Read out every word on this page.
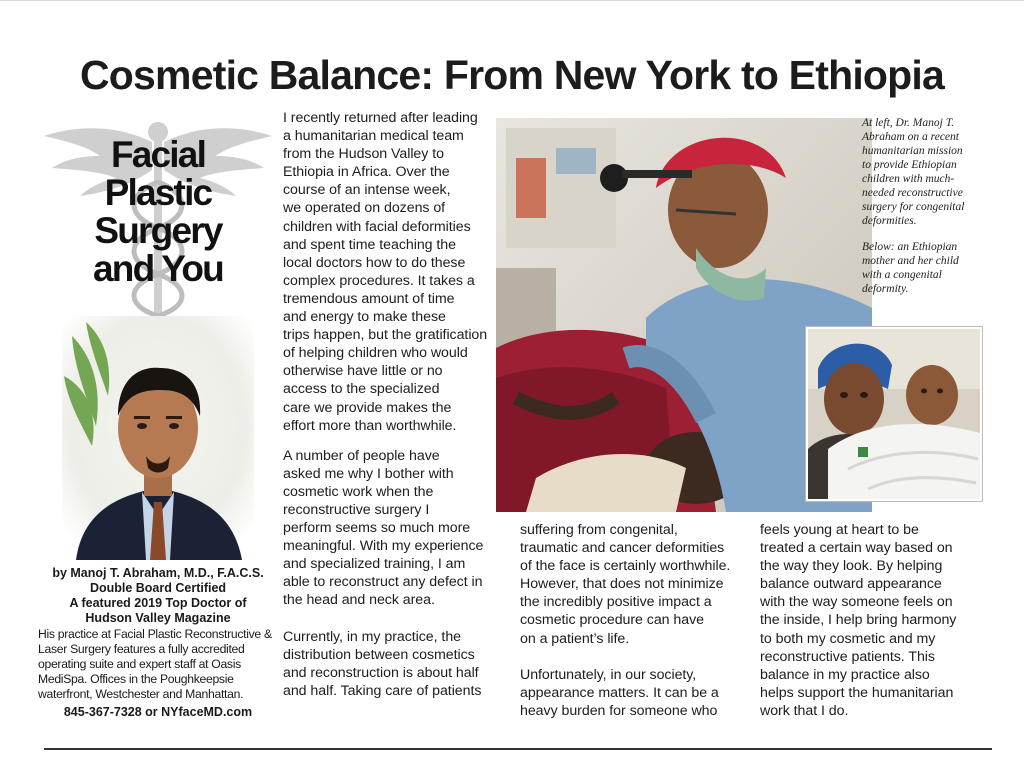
Cosmetic Balance: From New York to Ethiopia
Facial
Plastic
Surgery
and You
by Manoj T. Abraham, M.D., F.A.C.S.
Double Board Certified
A featured 2019 Top Doctor of
Hudson Valley Magazine
His practice at Facial Plastic Reconstructive & Laser Surgery features a fully accredited operating suite and expert staff at Oasis MediSpa. Offices in the Poughkeepsie waterfront, Westchester and Manhattan.
845-367-7328 or NYfaceMD.com

I recently returned after leading
a humanitarian medical team
from the Hudson Valley to
Ethiopia in Africa. Over the
course of an intense week,
we operated on dozens of
children with facial deformities
and spent time teaching the
local doctors how to do these
complex procedures. It takes a
tremendous amount of time
and energy to make these
trips happen, but the gratification
of helping children who would
otherwise have little or no
access to the specialized
care we provide makes the
effort more than worthwhile.

A number of people have
asked me why I bother with
cosmetic work when the
reconstructive surgery I
perform seems so much more
meaningful. With my experience
and specialized training, I am
able to reconstruct any defect in
the head and neck area.

Currently, in my practice, the
distribution between cosmetics
and reconstruction is about half
and half. Taking care of patients

At left, Dr. Manoj T.
Abraham on a recent
humanitarian mission
to provide Ethiopian
children with much-
needed reconstructive
surgery for congenital
deformities.
Below: an Ethiopian
mother and her child
with a congenital
deformity.

suffering from congenital,
traumatic and cancer deformities
of the face is certainly worthwhile.
However, that does not minimize
the incredibly positive impact a
cosmetic procedure can have
on a patient’s life.

Unfortunately, in our society,
appearance matters. It can be a
heavy burden for someone who

feels young at heart to be
treated a certain way based on
the way they look. By helping
balance outward appearance
with the way someone feels on
the inside, I help bring harmony
to both my cosmetic and my
reconstructive patients. This
balance in my practice also
helps support the humanitarian
work that I do.
